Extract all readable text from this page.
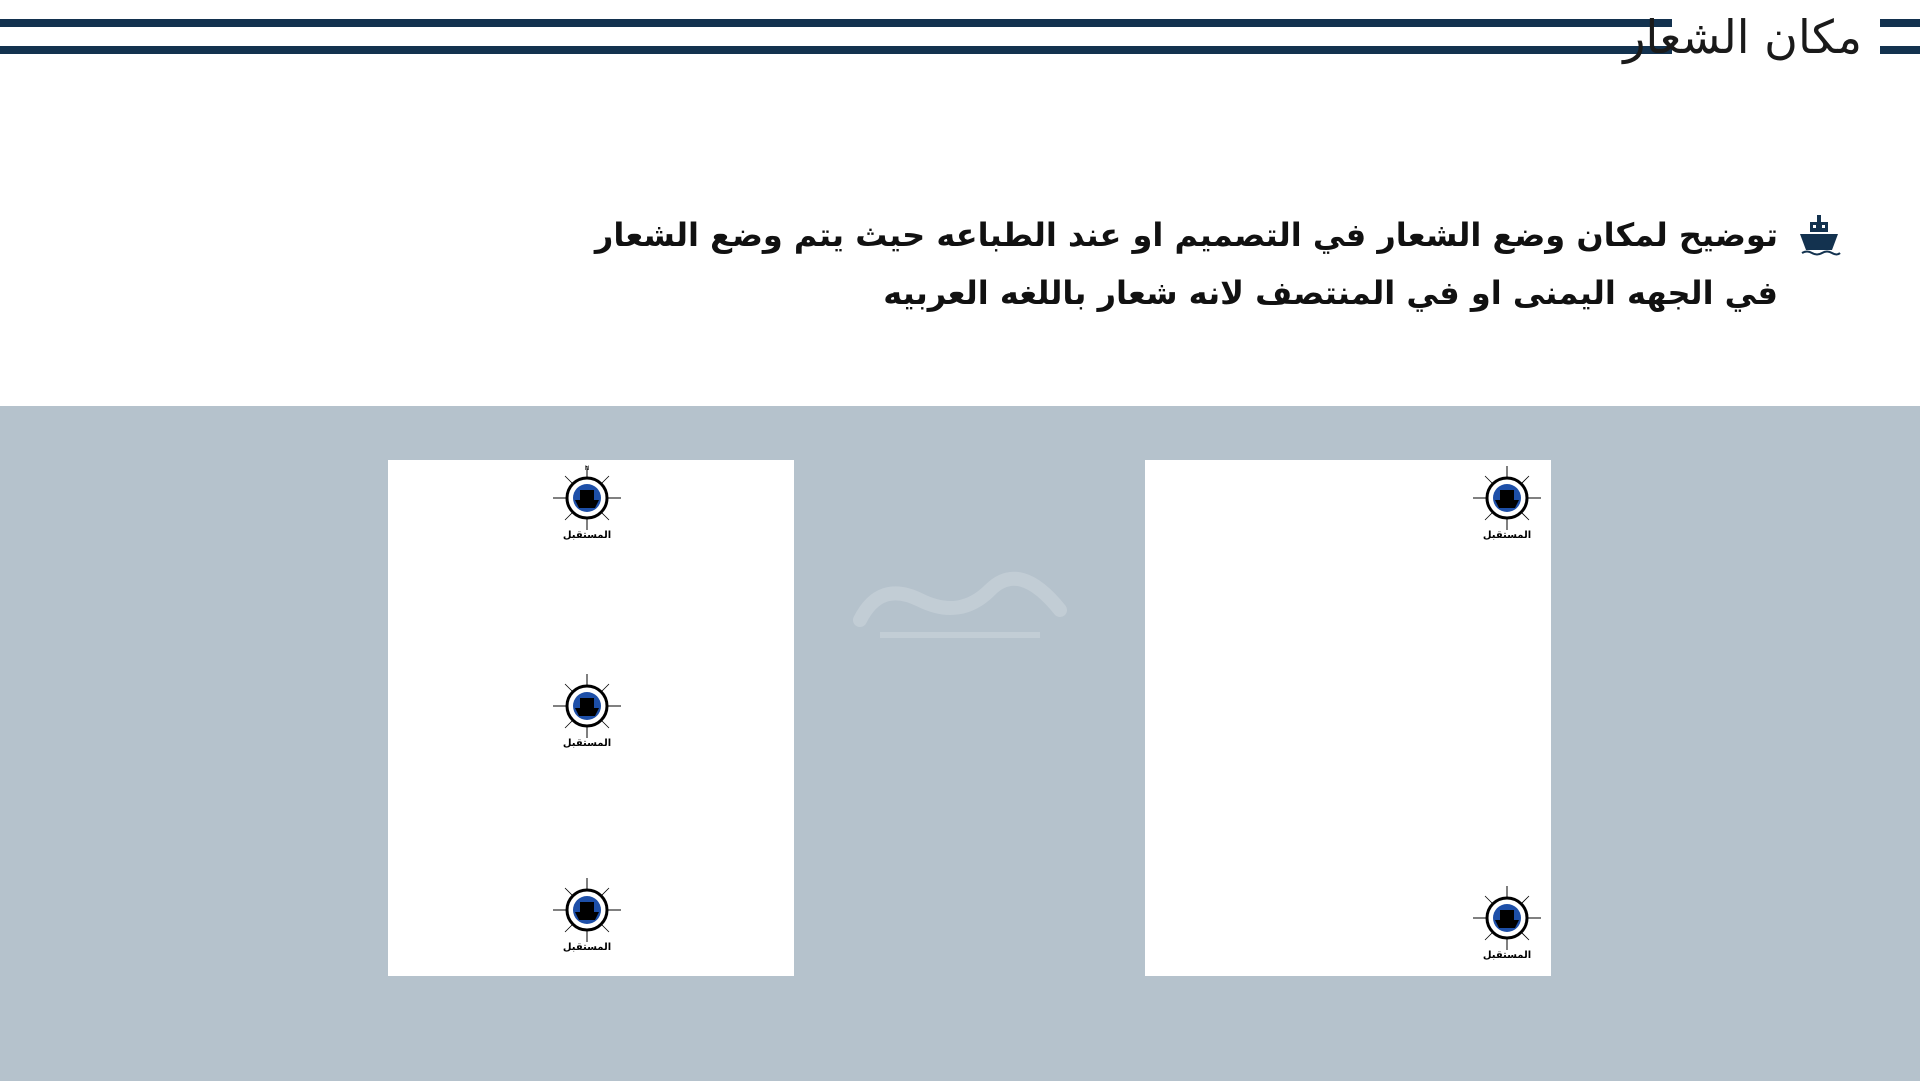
مكان الشعار
توضيح لمكان وضع الشعار في التصميم او عند الطباعه حيث يتم وضع الشعار
في الجهه اليمنى او في المنتصف لانه شعار باللغه العربيه
N
المستقبل
المستقبل
المستقبل
المستقبل
المستقبل
